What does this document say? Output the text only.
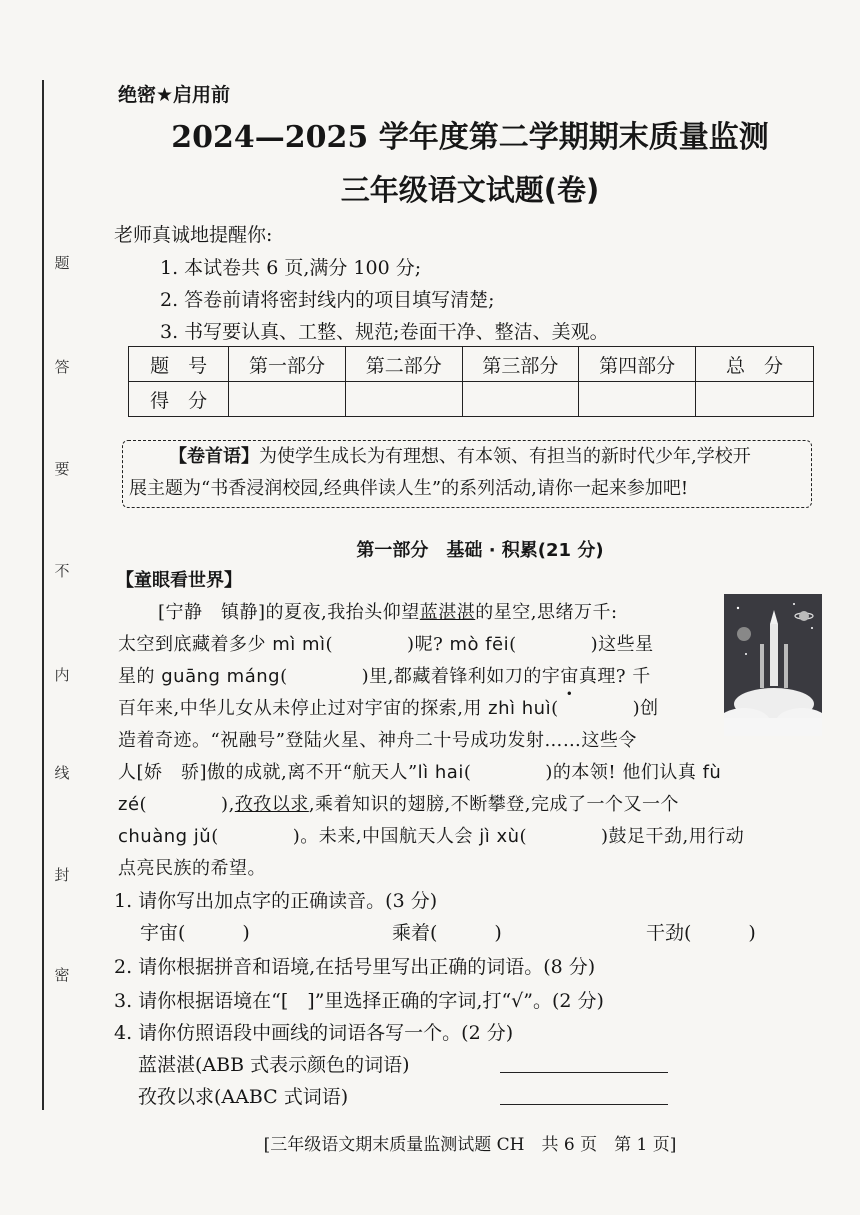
题
答
要
不
内
线
封
密
绝密★启用前
2024—2025 学年度第二学期期末质量监测
三年级语文试题(卷)
老师真诚地提醒你:
1. 本试卷共 6 页,满分 100 分;
2. 答卷前请将密封线内的项目填写清楚;
3. 书写要认真、工整、规范;卷面干净、整洁、美观。
题　号	第一部分	第二部分	第三部分	第四部分	总　分
得　分					
【卷首语】为使学生成长为有理想、有本领、有担当的新时代少年,学校开
展主题为“书香浸润校园,经典伴读人生”的系列活动,请你一起来参加吧!
第一部分　基础 · 积累(21 分)
【童眼看世界】
[宁静　镇静]的夏夜,我抬头仰望蓝湛湛的星空,思绪万千:
太空到底藏着多少 mì mì(　　　　)呢? mò fēi(　　　　)这些星
星的 guāng máng(　　　　)里,都藏着锋利如刀的宇宙真理? 千
百年来,中华儿女从未停止过对宇宙的探索,用 zhì huì(　　　　)创
造着奇迹。“祝融号”登陆火星、神舟二十号成功发射……这些令
人[娇　骄]傲的成就,离不开“航天人”lì hai(　　　　)的本领! 他们认真 fù
zé(　　　　),孜孜以求,乘着知识的翅膀,不断攀登,完成了一个又一个
chuàng jǔ(　　　　)。未来,中国航天人会 jì xù(　　　　)鼓足干劲,用行动
点亮民族的希望。
1. 请你写出加点字的正确读音。(3 分)
宇宙(　　　)	乘着(　　　)	干劲(　　　)
2. 请你根据拼音和语境,在括号里写出正确的词语。(8 分)
3. 请你根据语境在“[　]”里选择正确的字词,打“√”。(2 分)
4. 请你仿照语段中画线的词语各写一个。(2 分)
蓝湛湛(ABB 式表示颜色的词语)
孜孜以求(AABC 式词语)
[三年级语文期末质量监测试题 CH　共 6 页　第 1 页]
